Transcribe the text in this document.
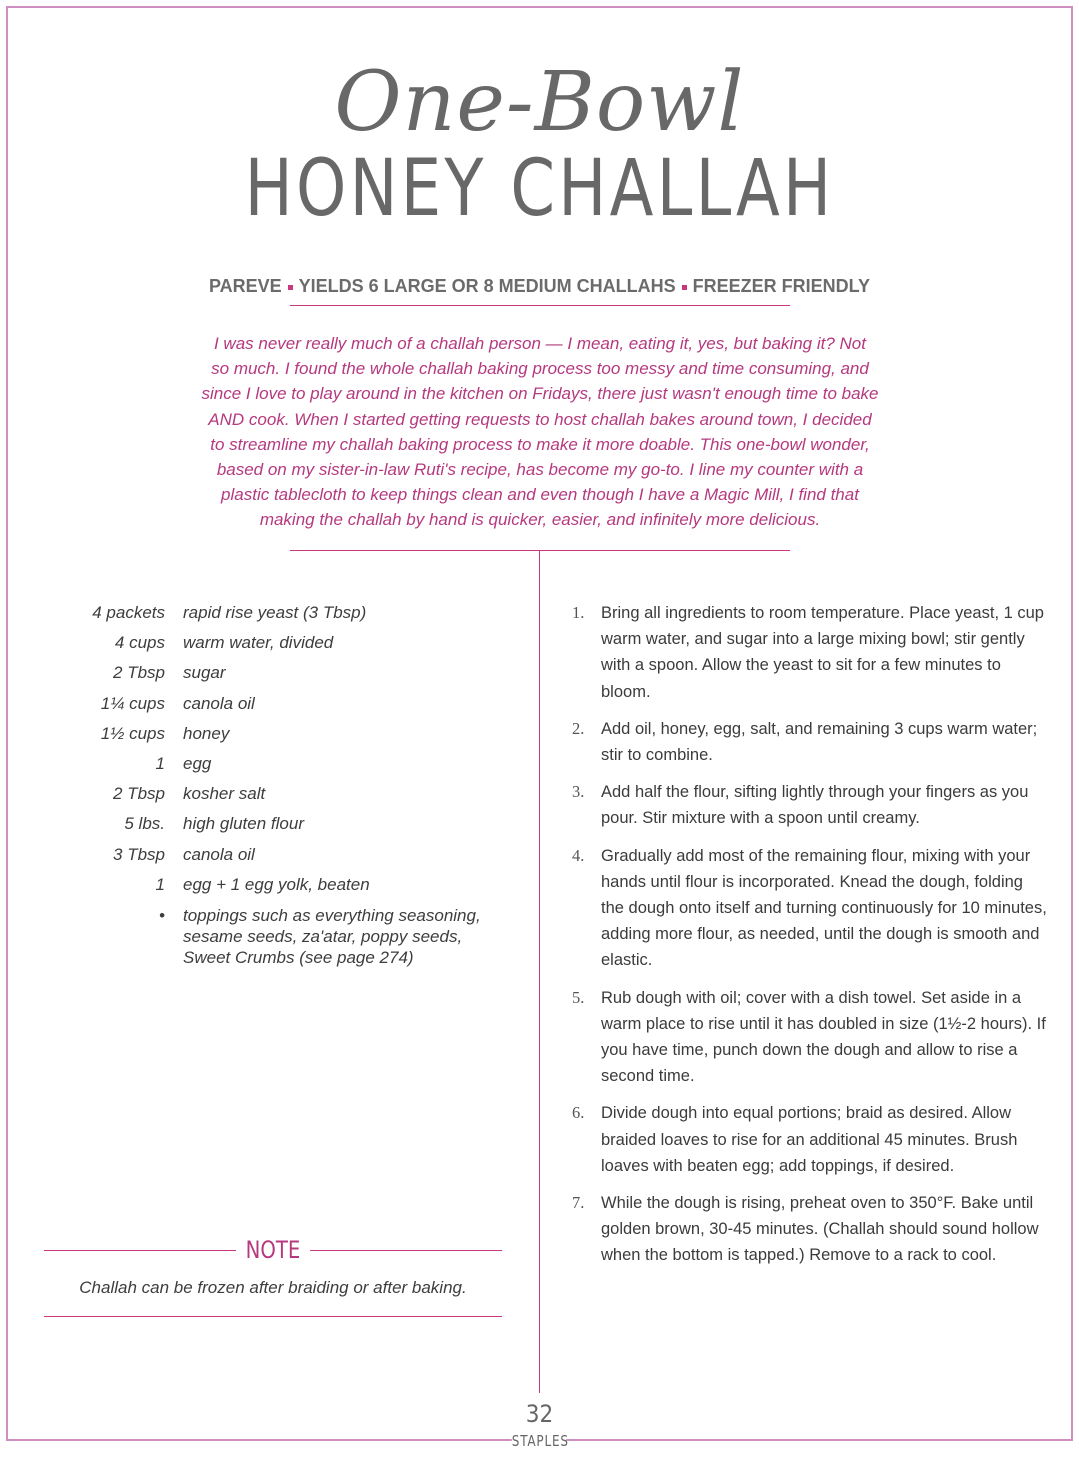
One-Bowl
HONEY CHALLAH
PAREVE YIELDS 6 LARGE OR 8 MEDIUM CHALLAHS FREEZER FRIENDLY
I was never really much of a challah person — I mean, eating it, yes, but baking it? Not
so much. I found the whole challah baking process too messy and time consuming, and
since I love to play around in the kitchen on Fridays, there just wasn't enough time to bake
AND cook. When I started getting requests to host challah bakes around town, I decided
to streamline my challah baking process to make it more doable. This one-bowl wonder,
based on my sister-in-law Ruti's recipe, has become my go-to. I line my counter with a
plastic tablecloth to keep things clean and even though I have a Magic Mill, I find that
making the challah by hand is quicker, easier, and infinitely more delicious.
4 packets	rapid rise yeast (3 Tbsp)
4 cups	warm water, divided
2 Tbsp	sugar
1¼ cups	canola oil
1½ cups	honey
1	egg
2 Tbsp	kosher salt
5 lbs.	high gluten flour
3 Tbsp	canola oil
1	egg + 1 egg yolk, beaten
•	toppings such as everything seasoning, sesame seeds, za'atar, poppy seeds, Sweet Crumbs (see page 274)
1.	Bring all ingredients to room temperature. Place yeast, 1 cup warm water, and sugar into a large mixing bowl; stir gently with a spoon. Allow the yeast to sit for a few minutes to bloom.
2.	Add oil, honey, egg, salt, and remaining 3 cups warm water; stir to combine.
3.	Add half the flour, sifting lightly through your fingers as you pour. Stir mixture with a spoon until creamy.
4.	Gradually add most of the remaining flour, mixing with your hands until flour is incorporated. Knead the dough, folding the dough onto itself and turning continuously for 10 minutes, adding more flour, as needed, until the dough is smooth and elastic.
5.	Rub dough with oil; cover with a dish towel. Set aside in a warm place to rise until it has doubled in size (1½-2 hours). If you have time, punch down the dough and allow to rise a second time.
6.	Divide dough into equal portions; braid as desired. Allow braided loaves to rise for an additional 45 minutes. Brush loaves with beaten egg; add toppings, if desired.
7.	While the dough is rising, preheat oven to 350°F. Bake until golden brown, 30-45 minutes. (Challah should sound hollow when the bottom is tapped.) Remove to a rack to cool.
NOTE
Challah can be frozen after braiding or after baking.
32
STAPLES
